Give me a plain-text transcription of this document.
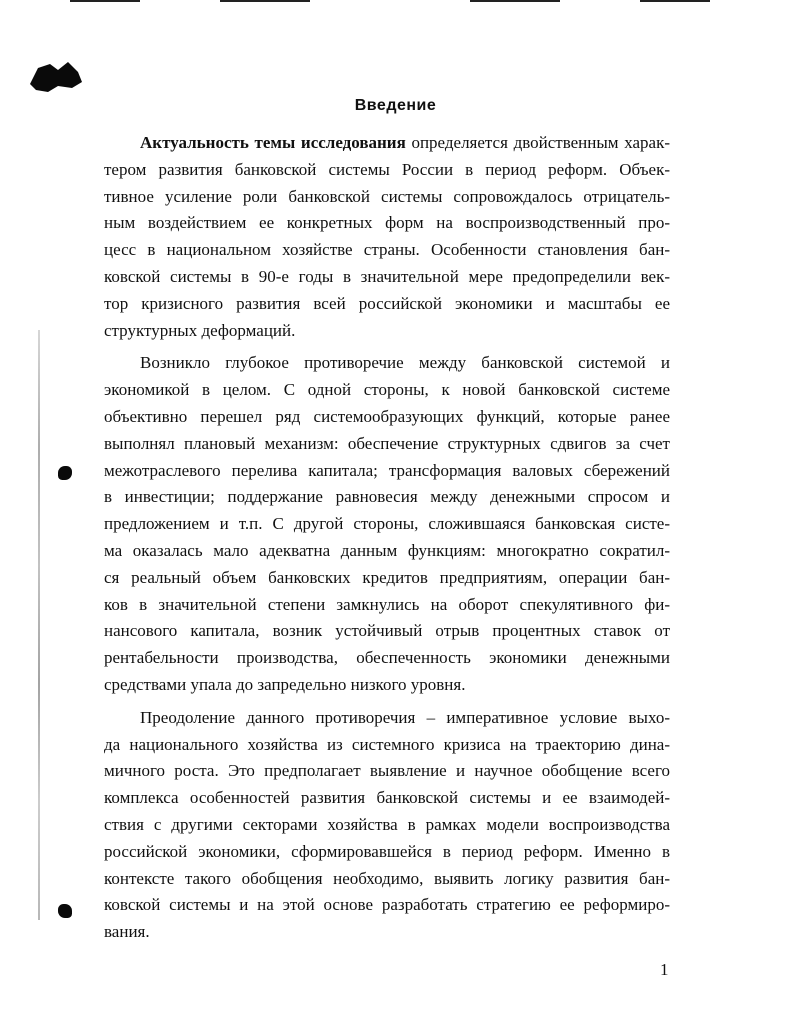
Введение
Актуальность темы исследования определяется двойственным харак-
тером развития банковской системы России в период реформ. Объек-
тивное усиление роли банковской системы сопровождалось отрицатель-
ным воздействием ее конкретных форм на воспроизводственный про-
цесс в национальном хозяйстве страны. Особенности становления бан-
ковской системы в 90-е годы в значительной мере предопределили век-
тор кризисного развития всей российской экономики и масштабы ее
структурных деформаций.
Возникло глубокое противоречие между банковской системой и
экономикой в целом. С одной стороны, к новой банковской системе
объективно перешел ряд системообразующих функций, которые ранее
выполнял плановый механизм: обеспечение структурных сдвигов за счет
межотраслевого перелива капитала; трансформация валовых сбережений
в инвестиции; поддержание равновесия между денежными спросом и
предложением и т.п. С другой стороны, сложившаяся банковская систе-
ма оказалась мало адекватна данным функциям: многократно сократил-
ся реальный объем банковских кредитов предприятиям, операции бан-
ков в значительной степени замкнулись на оборот спекулятивного фи-
нансового капитала, возник устойчивый отрыв процентных ставок от
рентабельности производства, обеспеченность экономики денежными
средствами упала до запредельно низкого уровня.
Преодоление данного противоречия – императивное условие выхо-
да национального хозяйства из системного кризиса на траекторию дина-
мичного роста. Это предполагает выявление и научное обобщение всего
комплекса особенностей развития банковской системы и ее взаимодей-
ствия с другими секторами хозяйства в рамках модели воспроизводства
российской экономики, сформировавшейся в период реформ. Именно в
контексте такого обобщения необходимо, выявить логику развития бан-
ковской системы и на этой основе разработать стратегию ее реформиро-
вания.
1
